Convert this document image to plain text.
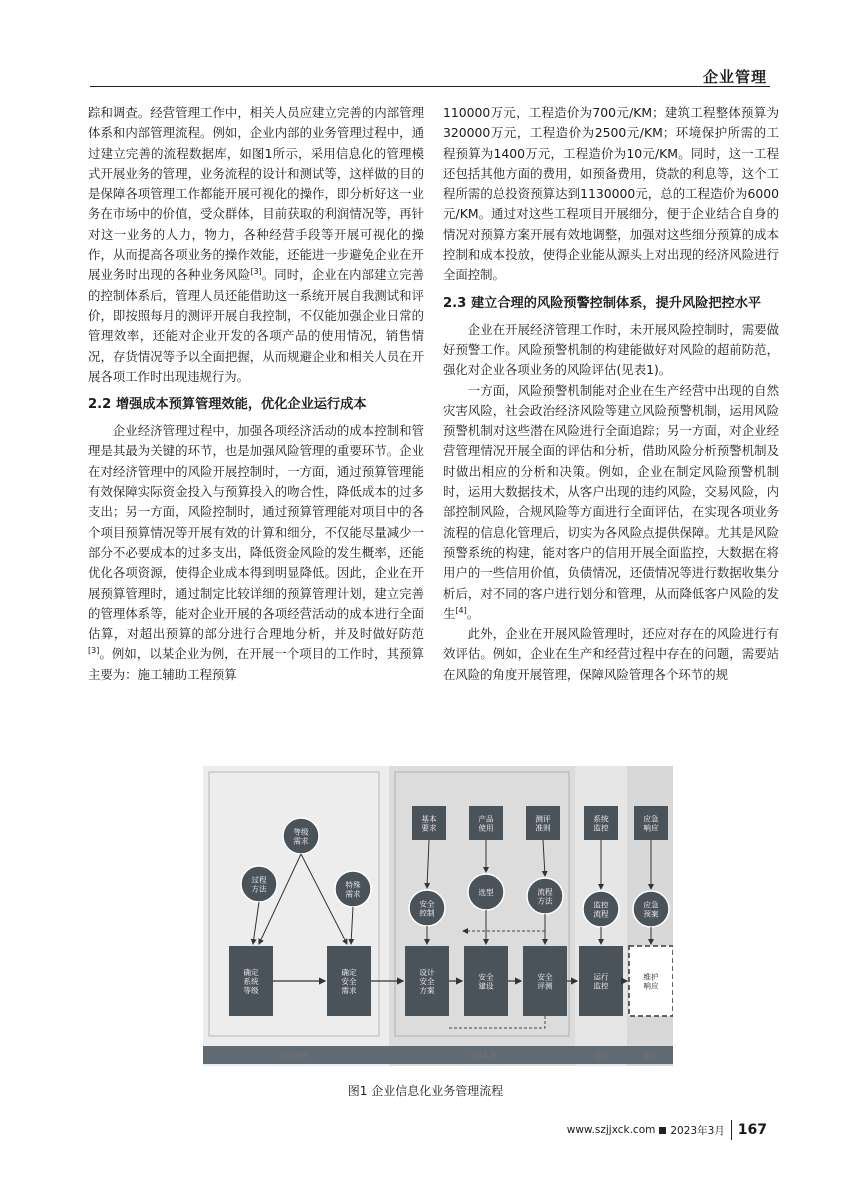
企业管理

踪和调查。经营管理工作中，相关人员应建立完善的内部管理体系和内部管理流程。例如，企业内部的业务管理过程中，通过建立完善的流程数据库，如图1所示，采用信息化的管理模式开展业务的管理，业务流程的设计和测试等，这样做的目的是保障各项管理工作都能开展可视化的操作，即分析好这一业务在市场中的价值，受众群体，目前获取的利润情况等，再针对这一业务的人力，物力，各种经营手段等开展可视化的操作，从而提高各项业务的操作效能，还能进一步避免企业在开展业务时出现的各种业务风险[3]。同时，企业在内部建立完善的控制体系后，管理人员还能借助这一系统开展自我测试和评价，即按照每月的测评开展自我控制，不仅能加强企业日常的管理效率，还能对企业开发的各项产品的使用情况，销售情况，存货情况等予以全面把握，从而规避企业和相关人员在开展各项工作时出现违规行为。

2.2 增强成本预算管理效能，优化企业运行成本

企业经济管理过程中，加强各项经济活动的成本控制和管理是其最为关键的环节，也是加强风险管理的重要环节。企业在对经济管理中的风险开展控制时，一方面，通过预算管理能有效保障实际资金投入与预算投入的吻合性，降低成本的过多支出；另一方面，风险控制时，通过预算管理能对项目中的各个项目预算情况等开展有效的计算和细分，不仅能尽量减少一部分不必要成本的过多支出，降低资金风险的发生概率，还能优化各项资源，使得企业成本得到明显降低。因此，企业在开展预算管理时，通过制定比较详细的预算管理计划，建立完善的管理体系等，能对企业开展的各项经营活动的成本进行全面估算，对超出预算的部分进行合理地分析，并及时做好防范[3]。例如，以某企业为例，在开展一个项目的工作时，其预算主要为：施工辅助工程预算

110000万元，工程造价为700元/KM；建筑工程整体预算为320000万元，工程造价为2500元/KM；环境保护所需的工程预算为1400万元，工程造价为10元/KM。同时，这一工程还包括其他方面的费用，如预备费用，贷款的利息等，这个工程所需的总投资预算达到1130000元，总的工程造价为6000元/KM。通过对这些工程项目开展细分，便于企业结合自身的情况对预算方案开展有效地调整，加强对这些细分预算的成本控制和成本投放，使得企业能从源头上对出现的经济风险进行全面控制。

2.3 建立合理的风险预警控制体系，提升风险把控水平

企业在开展经济管理工作时，未开展风险控制时，需要做好预警工作。风险预警机制的构建能做好对风险的超前防范，强化对企业各项业务的风险评估(见表1)。

一方面，风险预警机制能对企业在生产经营中出现的自然灾害风险，社会政治经济风险等建立风险预警机制，运用风险预警机制对这些潜在风险进行全面追踪；另一方面，对企业经营管理情况开展全面的评估和分析，借助风险分析预警机制及时做出相应的分析和决策。例如，企业在制定风险预警机制时，运用大数据技术，从客户出现的违约风险，交易风险，内部控制风险，合规风险等方面进行全面评估，在实现各项业务流程的信息化管理后，切实为各风险点提供保障。尤其是风险预警系统的构建，能对客户的信用开展全面监控，大数据在将用户的一些信用价值，负债情况，还债情况等进行数据收集分析后，对不同的客户进行划分和管理，从而降低客户风险的发生[4]。

此外，企业在开展风险管理时，还应对存在的风险进行有效评估。例如，企业在生产和经营过程中存在的问题，需要站在风险的角度开展管理，保障风险管理各个环节的规

安全规划	设计实施	运行	维护
基本要求
产品使用
测评准则
系统监控
应急响应
过程方法
等级需求
特殊需求
安全控制
选型	流程方法	监控流程
应急预案
确定系统等级
确定安全需求
设计安全方案
安全建设
安全评测
运行监控
维护响应
图1 企业信息化业务管理流程
www.szjjxck.com 2023年3月 167
